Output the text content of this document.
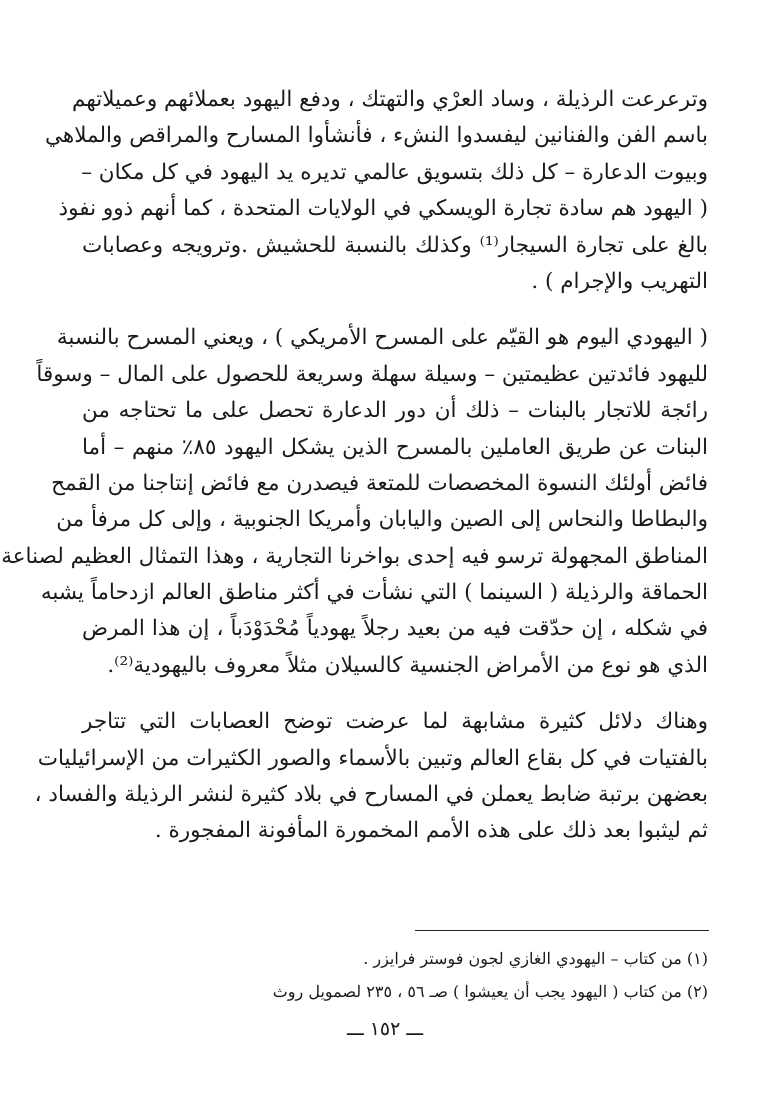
وترعرعت الرذيلة ، وساد العرْي والتهتك ، ودفع اليهود بعملائهم وعميلاتهم
باسم الفن والفنانين ليفسدوا النشء ، فأنشأوا المسارح والمراقص والملاهي
وبيوت الدعارة – كل ذلك بتسويق عالمي تديره يد اليهود في كل مكان –
( اليهود هم سادة تجارة الويسكي في الولايات المتحدة ، كما أنهم ذوو نفوذ
بالغ على تجارة السيجار⁽¹⁾ وكذلك بالنسبة للحشيش .وترويجه وعصابات
التهريب والإجرام ) .

( اليهودي اليوم هو القيّم على المسرح الأمريكي ) ، ويعني المسرح بالنسبة
لليهود فائدتين عظيمتين – وسيلة سهلة وسريعة للحصول على المال – وسوقاً
رائجة للاتجار بالبنات – ذلك أن دور الدعارة تحصل على ما تحتاجه من
البنات عن طريق العاملين بالمسرح الذين يشكل اليهود ٨٥٪ منهم – أما
فائض أولئك النسوة المخصصات للمتعة فيصدرن مع فائض إنتاجنا من القمح
والبطاطا والنحاس إلى الصين واليابان وأمريكا الجنوبية ، وإلى كل مرفأ من
المناطق المجهولة ترسو فيه إحدى بواخرنا التجارية ، وهذا التمثال العظيم لصناعة
الحماقة والرذيلة ( السينما ) التي نشأت في أكثر مناطق العالم ازدحاماً يشبه
في شكله ، إن حدّقت فيه من بعيد رجلاً يهودياً مُحْدَوْدَباً ، إن هذا المرض
الذي هو نوع من الأمراض الجنسية كالسيلان مثلاً معروف باليهودية⁽²⁾.

وهناك دلائل كثيرة مشابهة لما عرضت توضح العصابات التي تتاجر
بالفتيات في كل بقاع العالم وتبين بالأسماء والصور الكثيرات من الإسرائيليات
بعضهن برتبة ضابط يعملن في المسارح في بلاد كثيرة لنشر الرذيلة والفساد ،
ثم ليثبوا بعد ذلك على هذه الأمم المخمورة المأفونة المفجورة .

(١) من كتاب – اليهودي الغازي لجون فوستر فرايزر .
(٢) من كتاب ( اليهود يجب أن يعيشوا ) صـ ٥٦ ، ٢٣٥ لصمويل روث
ـــ ١٥٢ ـــ
